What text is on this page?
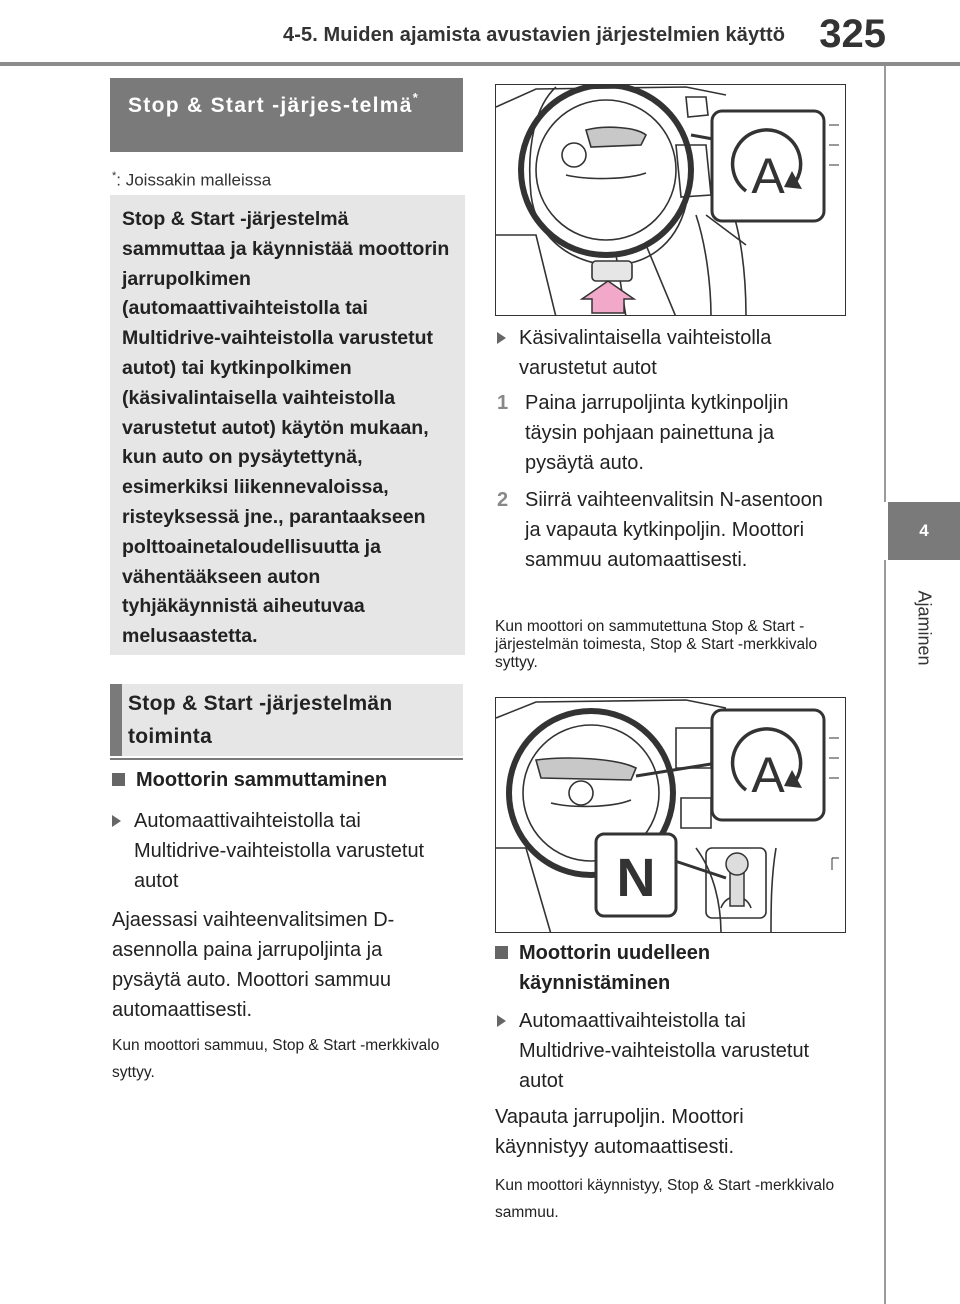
4-5. Muiden ajamista avustavien järjestelmien käyttö 325
4
Ajaminen
Stop & Start -järjes-telmä*
*: Joissakin malleissa
Stop & Start -järjestelmä sammuttaa ja käynnistää moottorin jarrupolkimen (automaattivaihteistolla tai Multidrive-vaihteistolla varustetut autot) tai kytkinpolkimen (käsivalintaisella vaihteistolla varustetut autot) käytön mukaan, kun auto on pysäytettynä, esimerkiksi liikennevaloissa, risteyksessä jne., parantaakseen polttoainetaloudellisuutta ja vähentääkseen auton tyhjäkäynnistä aiheutuvaa melusaastetta.
Stop & Start -järjestelmän toiminta
Moottorin sammuttaminen
Automaattivaihteistolla tai Multidrive-vaihteistolla varustetut autot
Ajaessasi vaihteenvalitsimen D-asennolla paina jarrupoljinta ja pysäytä auto. Moottori sammuu automaattisesti.
Kun moottori sammuu, Stop & Start -merkkivalo syttyy.
A
Käsivalintaisella vaihteistolla varustetut autot
1 Paina jarrupoljinta kytkinpoljin täysin pohjaan painettuna ja pysäytä auto.
2 Siirrä vaihteenvalitsin N-asentoon ja vapauta kytkinpoljin. Moottori sammuu automaattisesti.
Kun moottori on sammutettuna Stop & Start -järjestelmän toimesta, Stop & Start -merkkivalo syttyy.
A
N
Moottorin uudelleen käynnistäminen
Automaattivaihteistolla tai Multidrive-vaihteistolla varustetut autot
Vapauta jarrupoljin. Moottori käynnistyy automaattisesti.
Kun moottori käynnistyy, Stop & Start -merkkivalo sammuu.
